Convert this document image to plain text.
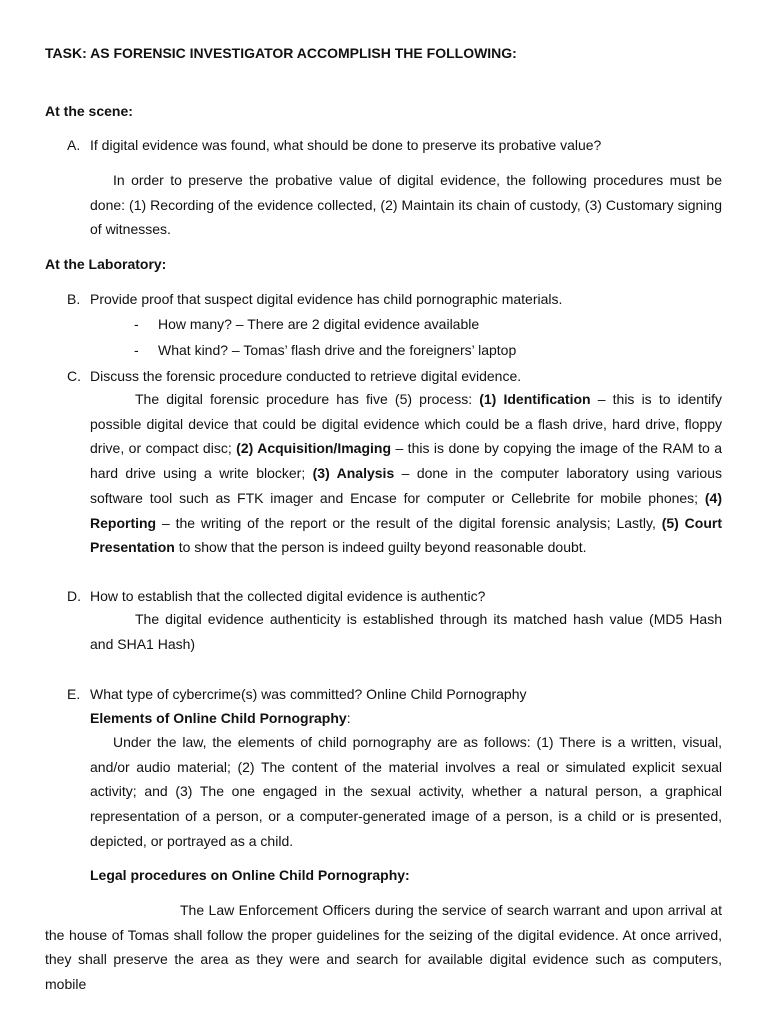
TASK: AS FORENSIC INVESTIGATOR ACCOMPLISH THE FOLLOWING:
At the scene:
A. If digital evidence was found, what should be done to preserve its probative value?

In order to preserve the probative value of digital evidence, the following procedures must be done: (1) Recording of the evidence collected, (2) Maintain its chain of custody, (3) Customary signing of witnesses.

At the Laboratory:
B. Provide proof that suspect digital evidence has child pornographic materials.
- How many? – There are 2 digital evidence available
- What kind? – Tomas’ flash drive and the foreigners’ laptop
C. Discuss the forensic procedure conducted to retrieve digital evidence.

The digital forensic procedure has five (5) process: (1) Identification – this is to identify possible digital device that could be digital evidence which could be a flash drive, hard drive, floppy drive, or compact disc; (2) Acquisition/Imaging – this is done by copying the image of the RAM to a hard drive using a write blocker; (3) Analysis – done in the computer laboratory using various software tool such as FTK imager and Encase for computer or Cellebrite for mobile phones; (4) Reporting – the writing of the report or the result of the digital forensic analysis; Lastly, (5) Court Presentation to show that the person is indeed guilty beyond reasonable doubt.

D. How to establish that the collected digital evidence is authentic?

The digital evidence authenticity is established through its matched hash value (MD5 Hash and SHA1 Hash)

E. What type of cybercrime(s) was committed? Online Child Pornography
Elements of Online Child Pornography:

Under the law, the elements of child pornography are as follows: (1) There is a written, visual, and/or audio material; (2) The content of the material involves a real or simulated explicit sexual activity; and (3) The one engaged in the sexual activity, whether a natural person, a graphical representation of a person, or a computer-generated image of a person, is a child or is presented, depicted, or portrayed as a child.

Legal procedures on Online Child Pornography:

The Law Enforcement Officers during the service of search warrant and upon arrival at the house of Tomas shall follow the proper guidelines for the seizing of the digital evidence. At once arrived, they shall preserve the area as they were and search for available digital evidence such as computers, mobile
